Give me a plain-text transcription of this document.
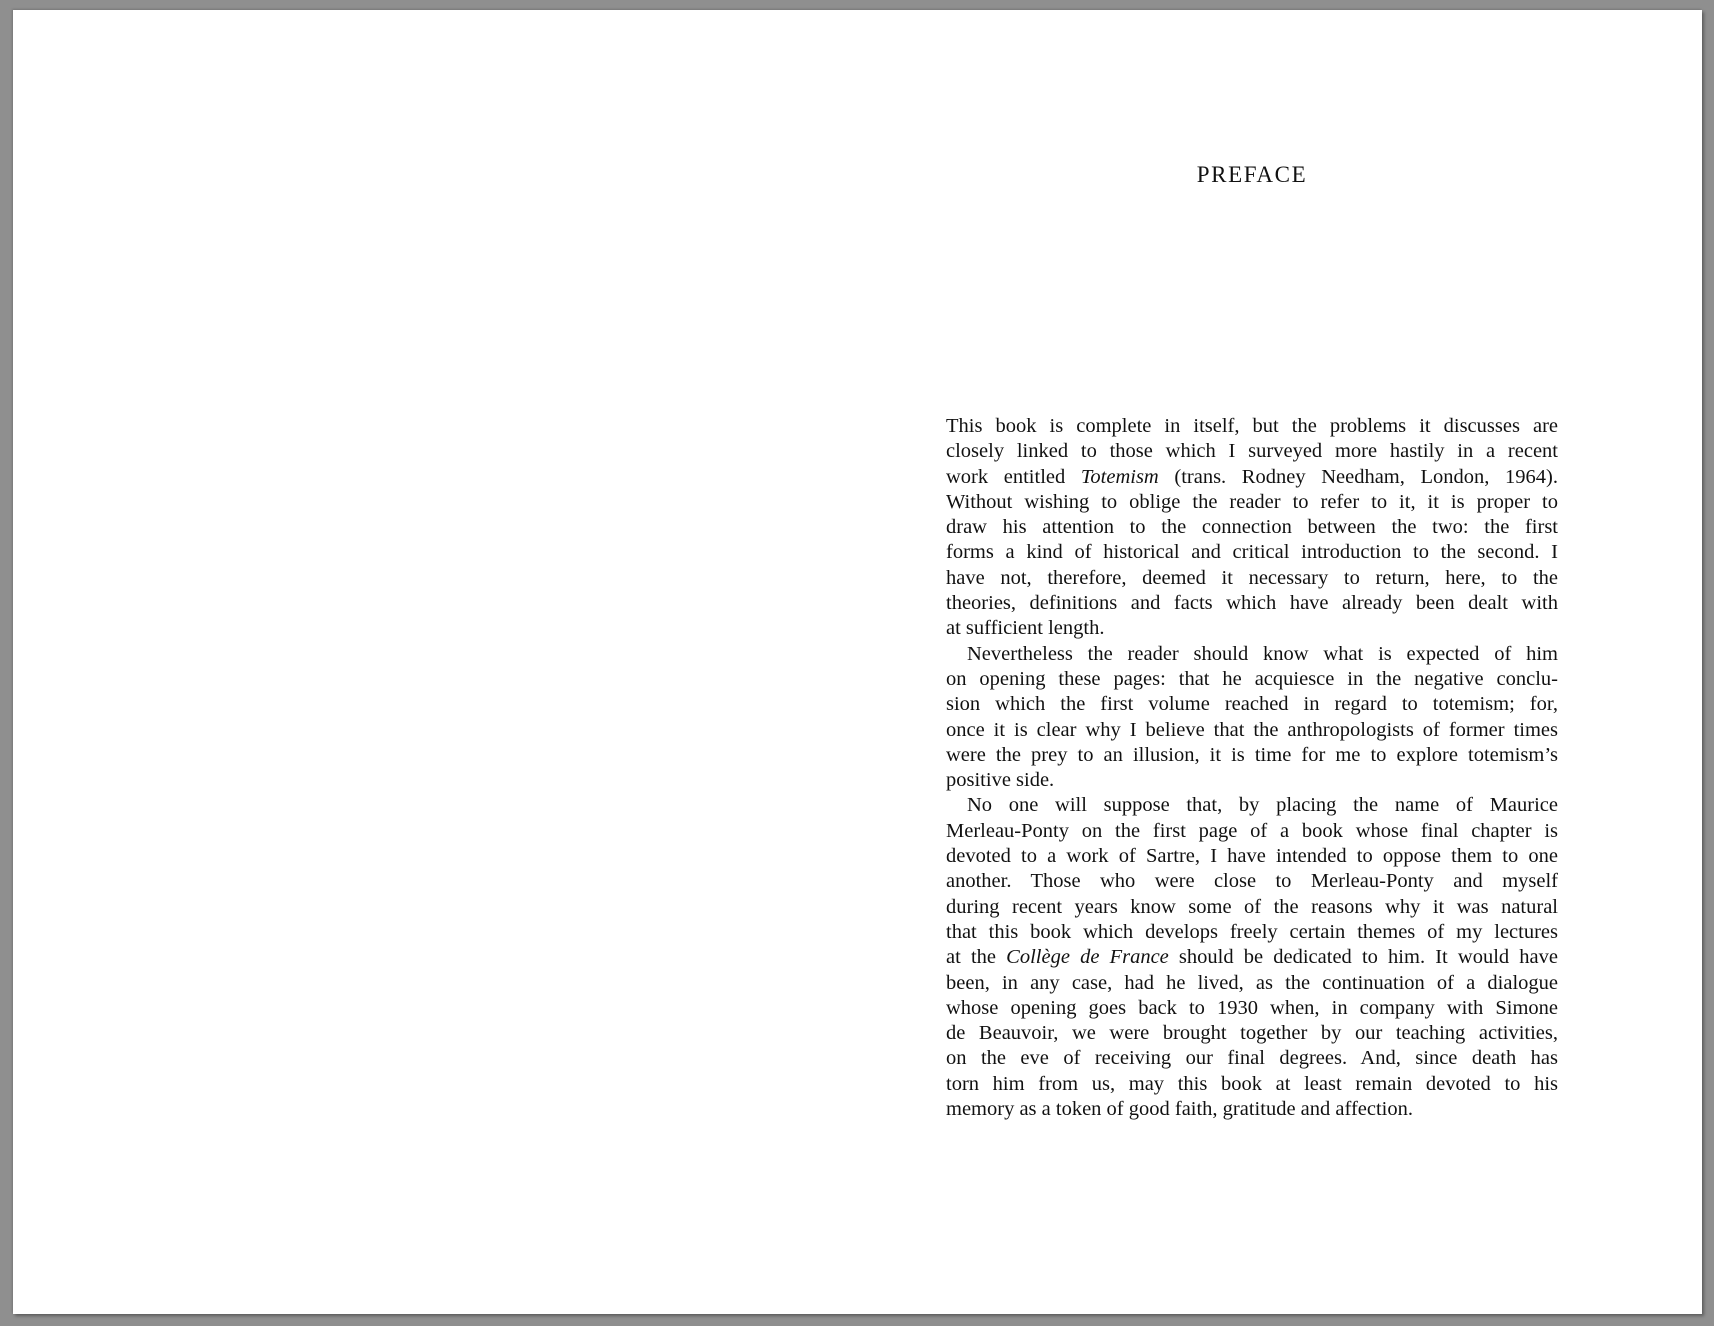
PREFACE
This book is complete in itself, but the problems it discusses are
closely linked to those which I surveyed more hastily in a recent
work entitled Totemism (trans. Rodney Needham, London, 1964).
Without wishing to oblige the reader to refer to it, it is proper to
draw his attention to the connection between the two: the first
forms a kind of historical and critical introduction to the second. I
have not, therefore, deemed it necessary to return, here, to the
theories, definitions and facts which have already been dealt with
at sufficient length.
Nevertheless the reader should know what is expected of him
on opening these pages: that he acquiesce in the negative conclu-
sion which the first volume reached in regard to totemism; for,
once it is clear why I believe that the anthropologists of former times
were the prey to an illusion, it is time for me to explore totemism’s
positive side.
No one will suppose that, by placing the name of Maurice
Merleau-Ponty on the first page of a book whose final chapter is
devoted to a work of Sartre, I have intended to oppose them to one
another. Those who were close to Merleau-Ponty and myself
during recent years know some of the reasons why it was natural
that this book which develops freely certain themes of my lectures
at the Collège de France should be dedicated to him. It would have
been, in any case, had he lived, as the continuation of a dialogue
whose opening goes back to 1930 when, in company with Simone
de Beauvoir, we were brought together by our teaching activities,
on the eve of receiving our final degrees. And, since death has
torn him from us, may this book at least remain devoted to his
memory as a token of good faith, gratitude and affection.
